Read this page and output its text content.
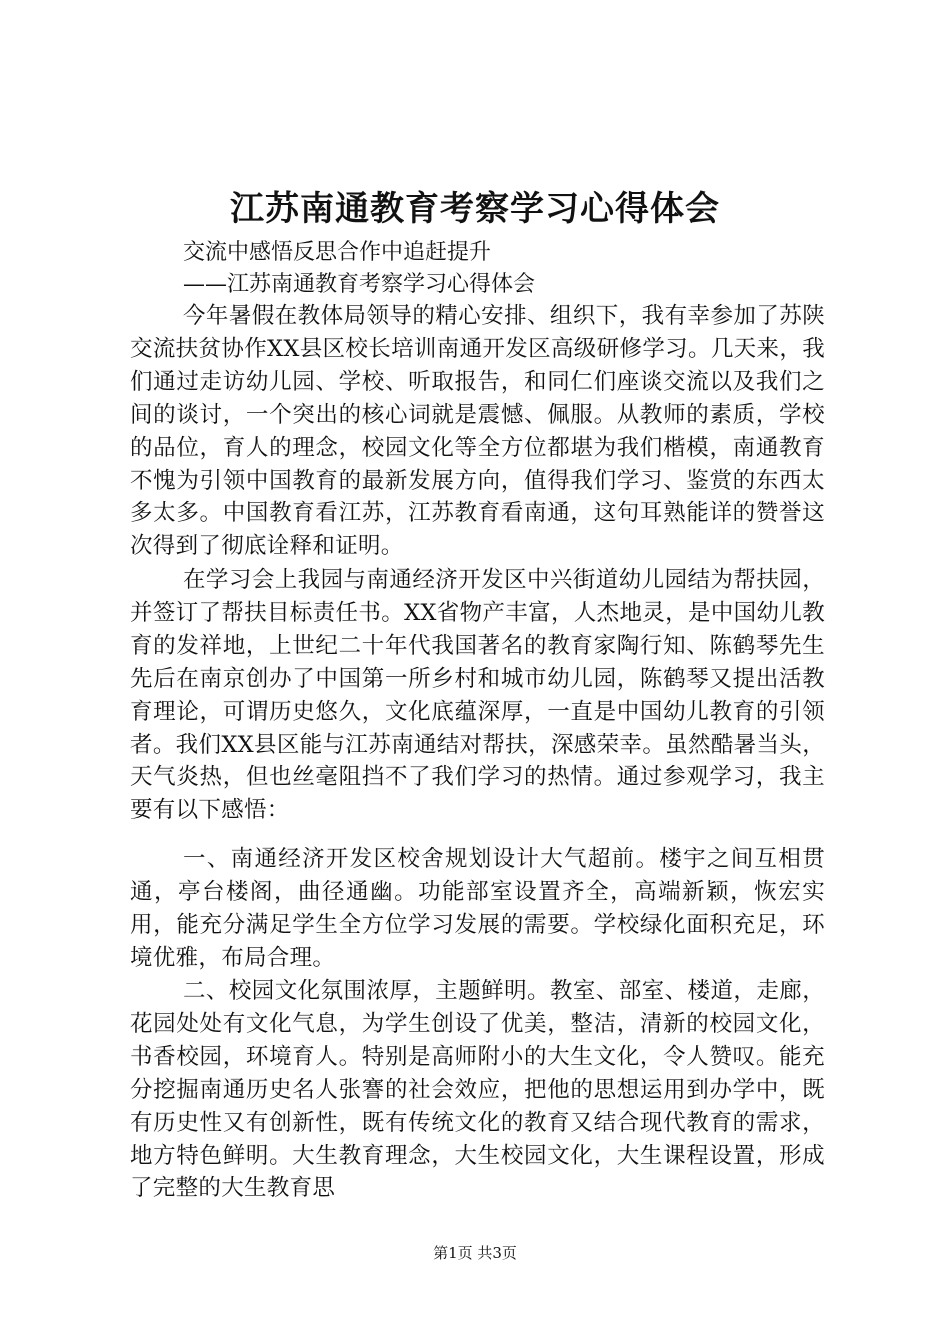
江苏南通教育考察学习心得体会

交流中感悟反思合作中追赶提升

——江苏南通教育考察学习心得体会

今年暑假在教体局领导的精心安排、组织下，我有幸参加了苏陕交流扶贫协作XX县区校长培训南通开发区高级研修学习。几天来，我们通过走访幼儿园、学校、听取报告，和同仁们座谈交流以及我们之间的谈讨，一个突出的核心词就是震憾、佩服。从教师的素质，学校的品位，育人的理念，校园文化等全方位都堪为我们楷模，南通教育不愧为引领中国教育的最新发展方向，值得我们学习、鉴赏的东西太多太多。中国教育看江苏，江苏教育看南通，这句耳熟能详的赞誉这次得到了彻底诠释和证明。

在学习会上我园与南通经济开发区中兴街道幼儿园结为帮扶园，并签订了帮扶目标责任书。XX省物产丰富，人杰地灵，是中国幼儿教育的发祥地，上世纪二十年代我国著名的教育家陶行知、陈鹤琴先生先后在南京创办了中国第一所乡村和城市幼儿园，陈鹤琴又提出活教育理论，可谓历史悠久，文化底蕴深厚，一直是中国幼儿教育的引领者。我们XX县区能与江苏南通结对帮扶，深感荣幸。虽然酷暑当头，天气炎热，但也丝毫阻挡不了我们学习的热情。通过参观学习，我主要有以下感悟：

一、南通经济开发区校舍规划设计大气超前。楼宇之间互相贯通，亭台楼阁，曲径通幽。功能部室设置齐全，高端新颖，恢宏实用，能充分满足学生全方位学习发展的需要。学校绿化面积充足，环境优雅，布局合理。

二、校园文化氛围浓厚，主题鲜明。教室、部室、楼道，走廊，花园处处有文化气息，为学生创设了优美，整洁，清新的校园文化，书香校园，环境育人。特别是高师附小的大生文化，令人赞叹。能充分挖掘南通历史名人张謇的社会效应，把他的思想运用到办学中，既有历史性又有创新性，既有传统文化的教育又结合现代教育的需求，地方特色鲜明。大生教育理念，大生校园文化，大生课程设置，形成了完整的大生教育思

第1页 共3页
